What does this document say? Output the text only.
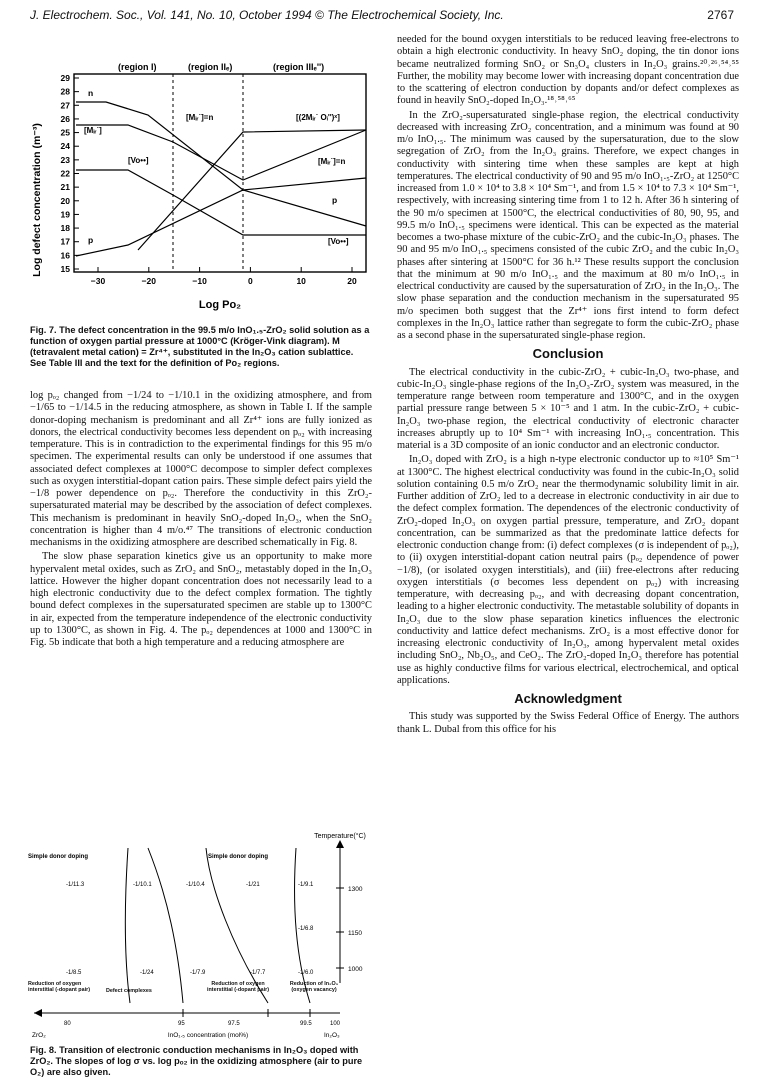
J. Electrochem. Soc., Vol. 141, No. 10, October 1994 © The Electrochemical Society, Inc.	2767
(region I)	(region IIₑ)	(region IIIₑ'')
29
28
27
26
25
24
23
22
21
20
19
18
17
16
15
−30	−20	−10	0	10	20
Log defect concentration (m⁻³)
Log Po₂
n
[Mᵢᵣ˙]
[Vo••]
p
[Mᵢᵣ˙]=n	[(2Mᵢᵣ˙ Oᵢ'')ˣ]
[Mᵢᵣ˙]=n
p
[Vo••]
Fig. 7. The defect concentration in the 99.5 m/o InO₁.₅-ZrO₂ solid solution as a function of oxygen partial pressure at 1000°C (Kröger-Vink diagram). M (tetravalent metal cation) = Zr⁴⁺, substituted in the In₂O₃ cation sublattice. See Table III and the text for the definition of Po₂ regions.

log pₒ₂ changed from −1/24 to −1/10.1 in the oxidizing atmosphere, and from −1/65 to −1/14.5 in the reducing atmosphere, as shown in Table I. If the sample donor-doping mechanism is predominant and all Zr⁴⁺ ions are fully ionized as donors, the electrical conductivity becomes less dependent on pₒ₂ with increasing temperature. This is in contradiction to the experimental findings for this 95 m/o specimen. The experimental results can only be understood if one assumes that associated defect complexes at 1000°C decompose to simpler defect complexes such as oxygen interstitial-dopant cation pairs. These simple defect pairs yield the −1/8 power dependence on pₒ₂. Therefore the conductivity in this ZrO₂-supersaturated material may be described by the association of defect complexes. This mechanism is predominant in heavily SnO₂-doped In₂O₃, when the SnO₂ concentration is higher than 4 m/o.⁴⁷ The transitions of electronic conduction mechanisms in the oxidizing atmosphere are described schematically in Fig. 8.

The slow phase separation kinetics give us an opportunity to make more hypervalent metal oxides, such as ZrO₂ and SnO₂, metastably doped in the In₂O₃ lattice. However the higher dopant concentration does not necessarily lead to a high electronic conductivity due to the defect complex formation. The tightly bound defect complexes in the supersaturated specimen are stable up to 1300°C in air, expected from the temperature independence of the electronic conductivity up to 1300°C, as shown in Fig. 4. The pₒ₂ dependences at 1000 and 1300°C in Fig. 5b indicate that both a high temperature and a reducing atmosphere are

Temperature(°C)
1300
1150
1000
Simple donor doping	Simple donor doping
-1/11.3	-1/10.1	-1/10.4	-1/21	-1/9.1
-1/6.8
-1/8.5	-1/24	-1/7.9	-1/7.7	-1/6.0
Reduction of oxygen interstitial (-dopant pair)	Defect complexes
Reduction of oxygen interstitial (-dopant pair)
Reduction of In₂O₃ (oxygen vacancy)
80	95	97.5	99.5	100
ZrO₂	InO₁.₅ concentration (mol%)	In₂O₃
Fig. 8. Transition of electronic conduction mechanisms in In₂O₃ doped with ZrO₂. The slopes of log σ vs. log pₒ₂ in the oxidizing atmosphere (air to pure O₂) are also given.

needed for the bound oxygen interstitials to be reduced leaving free-electrons to obtain a high electronic conductivity. In heavy SnO₂ doping, the tin donor ions became neutralized forming SnO₂ or Sn₃O₄ clusters in In₂O₃ grains.²⁰˒²⁶˒⁵⁴˒⁵⁵ Further, the mobility may become lower with increasing dopant concentration due to the scattering of electron conduction by dopants and/or defect complexes as found in heavily SnO₂-doped In₂O₃.¹⁸˒⁵⁸˒⁶⁵

In the ZrO₂-supersaturated single-phase region, the electrical conductivity decreased with increasing ZrO₂ concentration, and a minimum was found at 90 m/o InO₁.₅. The minimum was caused by the supersaturation, due to the slow segregation of ZrO₂ from the In₂O₃ grains. Therefore, we expect changes in conductivity with sintering time when these samples are kept at high temperatures. The electrical conductivity of 90 and 95 m/o InO₁.₅-ZrO₂ at 1250°C increased from 1.0 × 10⁴ to 3.8 × 10⁴ Sm⁻¹, and from 1.5 × 10⁴ to 7.3 × 10⁴ Sm⁻¹, respectively, with increasing sintering time from 1 to 12 h. After 36 h sintering of the 90 m/o specimen at 1500°C, the electrical conductivities of 80, 90, 95, and 99.5 m/o InO₁.₅ specimens were identical. This can be expected as the material becomes a two-phase mixture of the cubic-ZrO₂ and the cubic-In₂O₃ phases. The 90 and 95 m/o InO₁.₅ specimens consisted of the cubic ZrO₂ and the cubic In₂O₃ phases after sintering at 1500°C for 36 h.¹² These results support the conclusion that the minimum at 90 m/o InO₁.₅ and the maximum at 80 m/o InO₁.₅ in electrical conductivity are caused by the supersaturation of ZrO₂ in the In₂O₃. The slow phase separation and the conduction mechanism in the supersaturated 95 m/o specimen both suggest that the Zr⁴⁺ ions first intend to form defect complexes in the In₂O₃ lattice rather than segregate to form the cubic-ZrO₂ phase as a second phase in the supersaturated single-phase region.

Conclusion

The electrical conductivity in the cubic-ZrO₂ + cubic-In₂O₃ two-phase, and cubic-In₂O₃ single-phase regions of the In₂O₃-ZrO₂ system was measured, in the temperature range between room temperature and 1300°C, and in the oxygen partial pressure range between 5 × 10⁻⁵ and 1 atm. In the cubic-ZrO₂ + cubic-In₂O₃ two-phase region, the electrical conductivity of electronic character increases abruptly up to 10⁴ Sm⁻¹ with increasing InO₁.₅ concentration. This material is a 3D composite of an ionic conductor and an electronic conductor.

In₂O₃ doped with ZrO₂ is a high n-type electronic conductor up to ≈10⁵ Sm⁻¹ at 1300°C. The highest electrical conductivity was found in the cubic-In₂O₃ solid solution containing 0.5 m/o ZrO₂ near the thermodynamic solubility limit in air. Further addition of ZrO₂ led to a decrease in electronic conductivity in air due to the defect complex formation. The dependences of the electronic conductivity of ZrO₂-doped In₂O₃ on oxygen partial pressure, temperature, and ZrO₂ dopant concentration, can be summarized as that the predominate lattice defects for electronic conduction change from: (i) defect complexes (σ is independent of pₒ₂), to (ii) oxygen interstitial-dopant cation neutral pairs (pₒ₂ dependence of power −1/8), (or isolated oxygen interstitials), and (iii) free-electrons after reducing oxygen interstitials (σ becomes less dependent on pₒ₂) with increasing temperature, with decreasing pₒ₂, and with decreasing dopant concentration, leading to a higher electronic conductivity. The metastable solubility of dopants in In₂O₃ due to the slow phase separation kinetics influences the electronic conductivity and lattice defect mechanisms. ZrO₂ is a most effective donor for increasing electronic conductivity of In₂O₃, among hypervalent metal oxides including SnO₂, Nb₂O₅, and CeO₂. The ZrO₂-doped In₂O₃ therefore has potential use as highly conductive films for various electrical, electrochemical, and optical applications.

Acknowledgment

This study was supported by the Swiss Federal Office of Energy. The authors thank L. Dubal from this office for his
